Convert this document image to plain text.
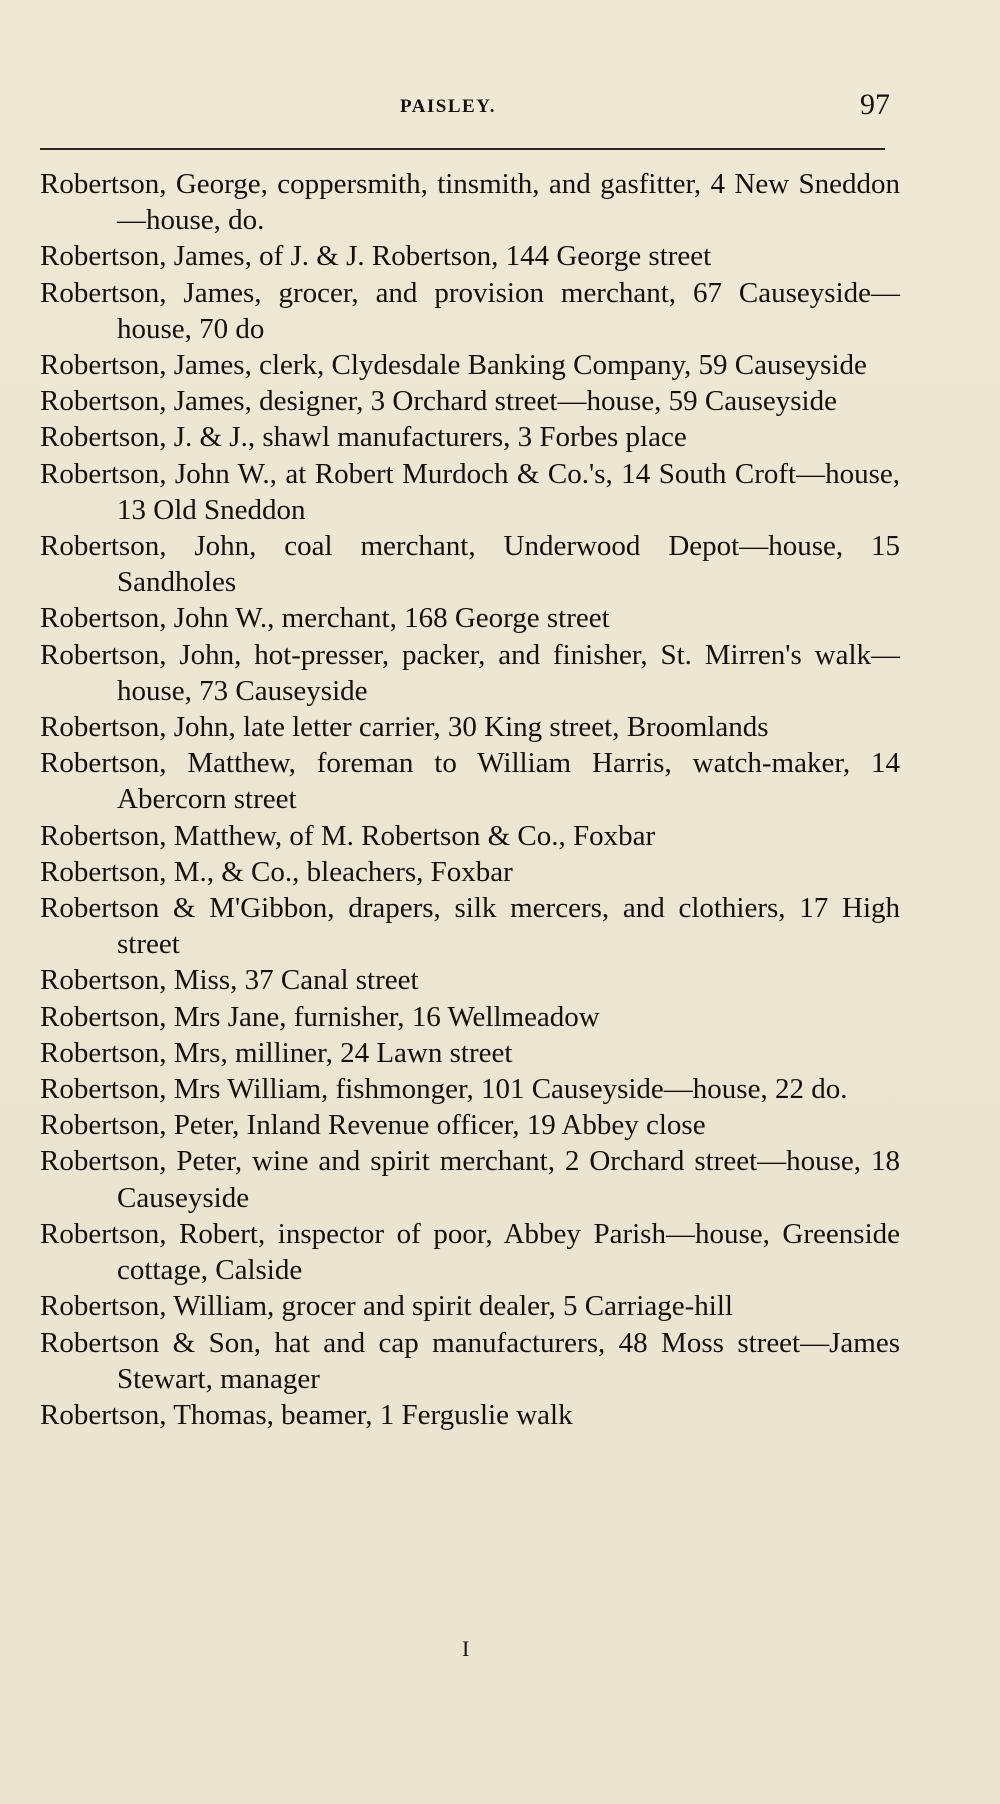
PAISLEY.	97

Robertson, George, coppersmith, tinsmith, and gasfitter, 4 New Sneddon—house, do.

Robertson, James, of J. & J. Robertson, 144 George street

Robertson, James, grocer, and provision merchant, 67 Causeyside—house, 70 do

Robertson, James, clerk, Clydesdale Banking Company, 59 Causeyside

Robertson, James, designer, 3 Orchard street—house, 59 Causeyside

Robertson, J. & J., shawl manufacturers, 3 Forbes place

Robertson, John W., at Robert Murdoch & Co.'s, 14 South Croft—house, 13 Old Sneddon

Robertson, John, coal merchant, Underwood Depot—house, 15 Sandholes

Robertson, John W., merchant, 168 George street

Robertson, John, hot-presser, packer, and finisher, St. Mirren's walk—house, 73 Causeyside

Robertson, John, late letter carrier, 30 King street, Broomlands

Robertson, Matthew, foreman to William Harris, watch-maker, 14 Abercorn street

Robertson, Matthew, of M. Robertson & Co., Foxbar

Robertson, M., & Co., bleachers, Foxbar

Robertson & M'Gibbon, drapers, silk mercers, and clothiers, 17 High street

Robertson, Miss, 37 Canal street

Robertson, Mrs Jane, furnisher, 16 Wellmeadow

Robertson, Mrs, milliner, 24 Lawn street

Robertson, Mrs William, fishmonger, 101 Causeyside—house, 22 do.

Robertson, Peter, Inland Revenue officer, 19 Abbey close

Robertson, Peter, wine and spirit merchant, 2 Orchard street—house, 18 Causeyside

Robertson, Robert, inspector of poor, Abbey Parish—house, Greenside cottage, Calside

Robertson, William, grocer and spirit dealer, 5 Carriage-hill

Robertson & Son, hat and cap manufacturers, 48 Moss street—James Stewart, manager

Robertson, Thomas, beamer, 1 Ferguslie walk

I
